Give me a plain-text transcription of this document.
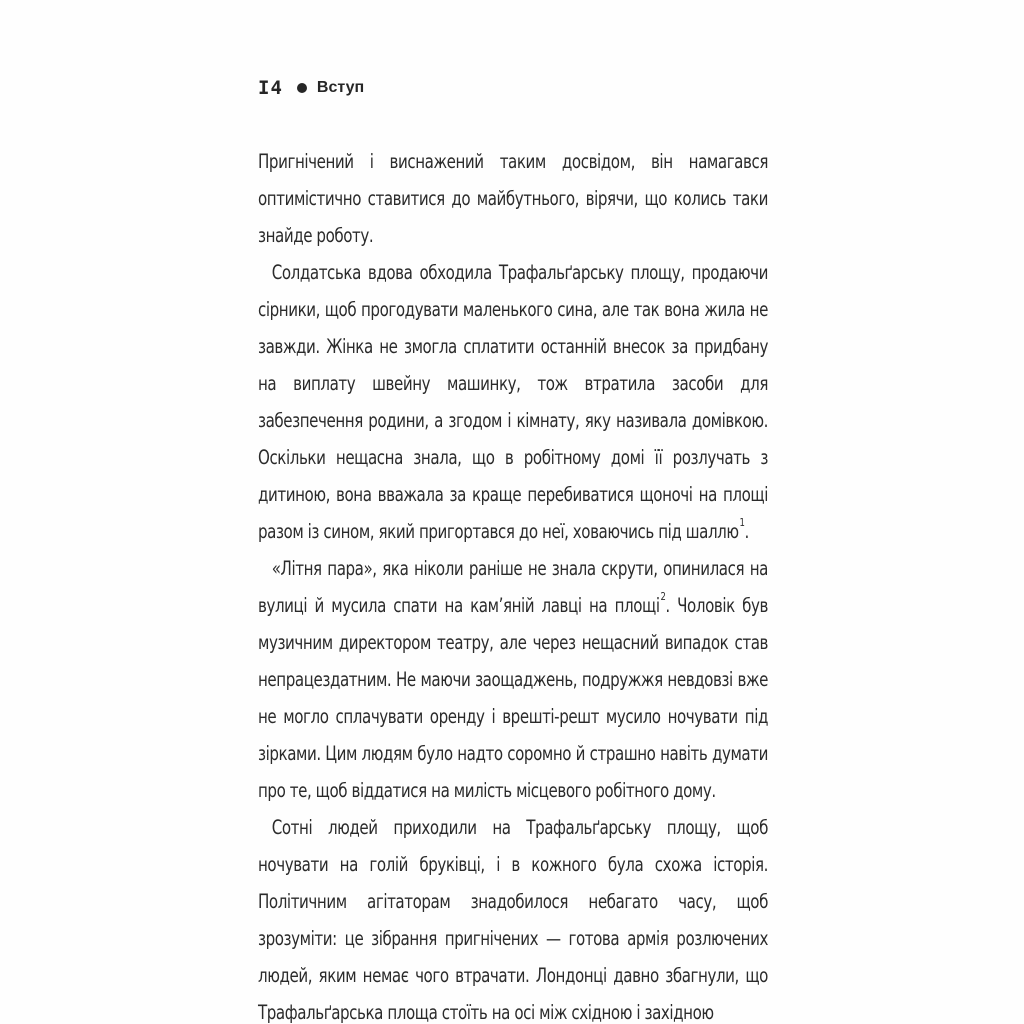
I4 Вступ

Пригнічений і виснажений таким досвідом, він намагався оптимістично ставитися до майбутнього, вірячи, що колись таки знайде роботу.

Солдатська вдова обходила Трафальґарську площу, продаючи сірники, щоб прогодувати маленького сина, але так вона жила не завжди. Жінка не змогла сплатити останній внесок за придбану на виплату швейну машинку, тож втратила засоби для забезпечення родини, а згодом і кімнату, яку називала домівкою. Оскільки нещасна знала, що в робітному домі її розлучать з дитиною, вона вважала за краще перебиватися щоночі на площі разом із сином, який пригортався до неї, ховаючись під шаллю$^1$.

«Літня пара», яка ніколи раніше не знала скрути, опинилася на вулиці й мусила спати на кам’яній лавці на площі$^2$. Чоловік був музичним директором театру, але через нещасний випадок став непрацездатним. Не маючи заощаджень, подружжя невдовзі вже не могло сплачувати оренду і врешті-решт мусило ночувати під зірками. Цим людям було надто соромно й страшно навіть думати про те, щоб віддатися на милість місцевого робітного дому.

Сотні людей приходили на Трафальґарську площу, щоб ночувати на голій бруківці, і в кожного була схожа історія. Політичним агітаторам знадобилося небагато часу, щоб зрозуміти: це зібрання пригнічених — готова армія розлючених людей, яким немає чого втрачати. Лондонці давно збагнули, що Трафальґарська площа стоїть на осі між східною і західною
